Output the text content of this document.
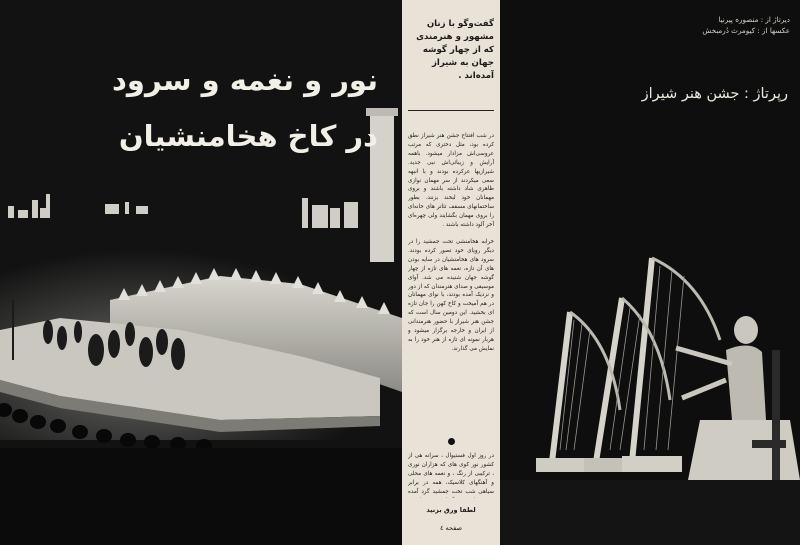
نور و نغمه و سرود
در کاخ هخامنشیان
گفت‌وگو با زنان مشهور و هنرمندی که از چهار گوشه جهان به شیراز آمده‌اند .
در شب افتتاح جشن هنر شیراز نطق کرده بود، مثل دختری که مرتب عروسی‌اش مزادار میشود. باهمه آرایش و زیبائی‌اش نبی جدید. شیرازیها عرکرده بودند و با انبهه سعی میکردند از سر مهمان نوازی ظاهری شاد داشته باشند و بروی مهمانان خود لبخند بزنند. بطور ساختمانهای مسقف تئاتر های خانه‌ای را بروی مهمان بگشایند ولی چهره‌ای آخر آلود داشته باشند .
خرابه هخامنشی تحت جمشید را در دیگر رویای خود تصور کرده بودند. سرود های هخامنشیان در سایه بودن های آن تازه، نغمه های تازه از چهار گوشه جهان شنیده می شد. آوای موسیقی و صدای هنرمندان که از دور و نزدیک آمده بودند، با نوای مهمانان در هم آمیخت و کاخ کهن را جان تازه ای بخشید. این دومین سال است که جشن هنر شیراز با حضور هنرمندانی از ایران و خارجه برگزار میشود و هربار نمونه ای تازه از هنر خود را به نمایش می گذارند.
در روز اول فستیوال ، سرانه هی از کشور نور کوی های که هزاران نوری ، ترکیبی از رنگ ، و نغمه های محلی و آهنگهای کلاسیک، همه در برابر سیاهی شب تخت جمشید گرد آمده
لطفا ورق بزنید
صفحه ٤
دیرتاژ از : منصوره پیرنیا
عکسها از : کیومرث دُرمبخش
رپرتاژ : جشن هنر شیراز
